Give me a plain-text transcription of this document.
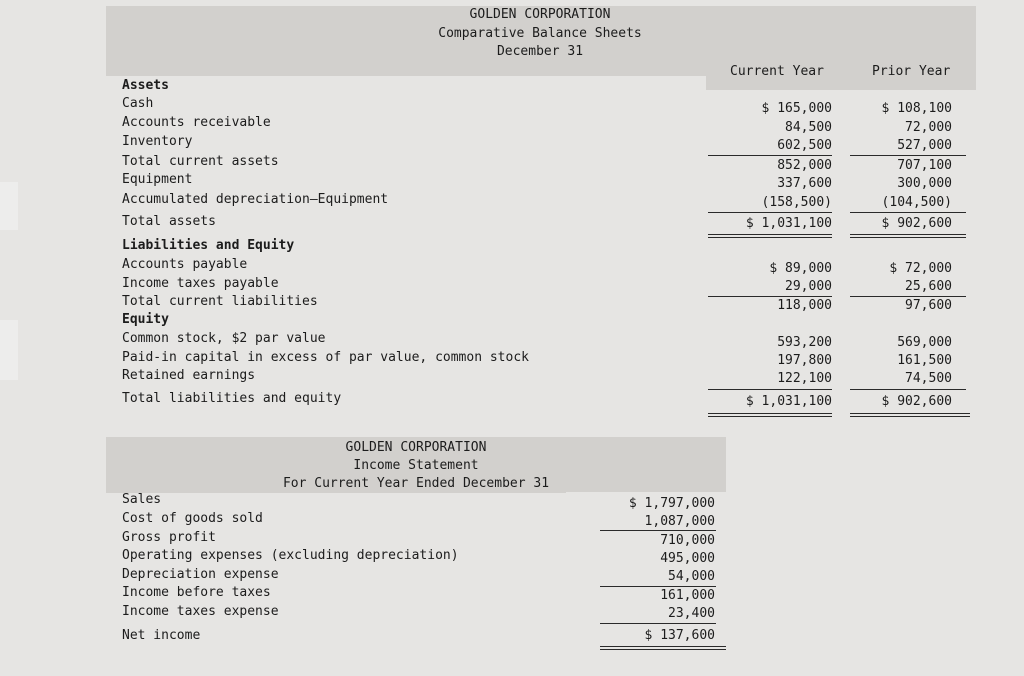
GOLDEN CORPORATION
Comparative Balance Sheets
December 31
Current Year	Prior Year
Assets
Cash
Accounts receivable
Inventory
Total current assets
Equipment
Accumulated depreciation—Equipment
Total assets
Liabilities and Equity
Accounts payable
Income taxes payable
Total current liabilities
Equity
Common stock, $2 par value
Paid-in capital in excess of par value, common stock
Retained earnings
Total liabilities and equity
$ 165,000
84,500
602,500
852,000
337,600
(158,500)
$ 1,031,100
$ 89,000
29,000
118,000
593,200
197,800
122,100
$ 1,031,100
$ 108,100
72,000
527,000
707,100
300,000
(104,500)
$ 902,600
$ 72,000
25,600
97,600
569,000
161,500
74,500
$ 902,600
GOLDEN CORPORATION
Income Statement
For Current Year Ended December 31
Sales
Cost of goods sold
Gross profit
Operating expenses (excluding depreciation)
Depreciation expense
Income before taxes
Income taxes expense
Net income
$ 1,797,000
1,087,000
710,000
495,000
54,000
161,000
23,400
$ 137,600
